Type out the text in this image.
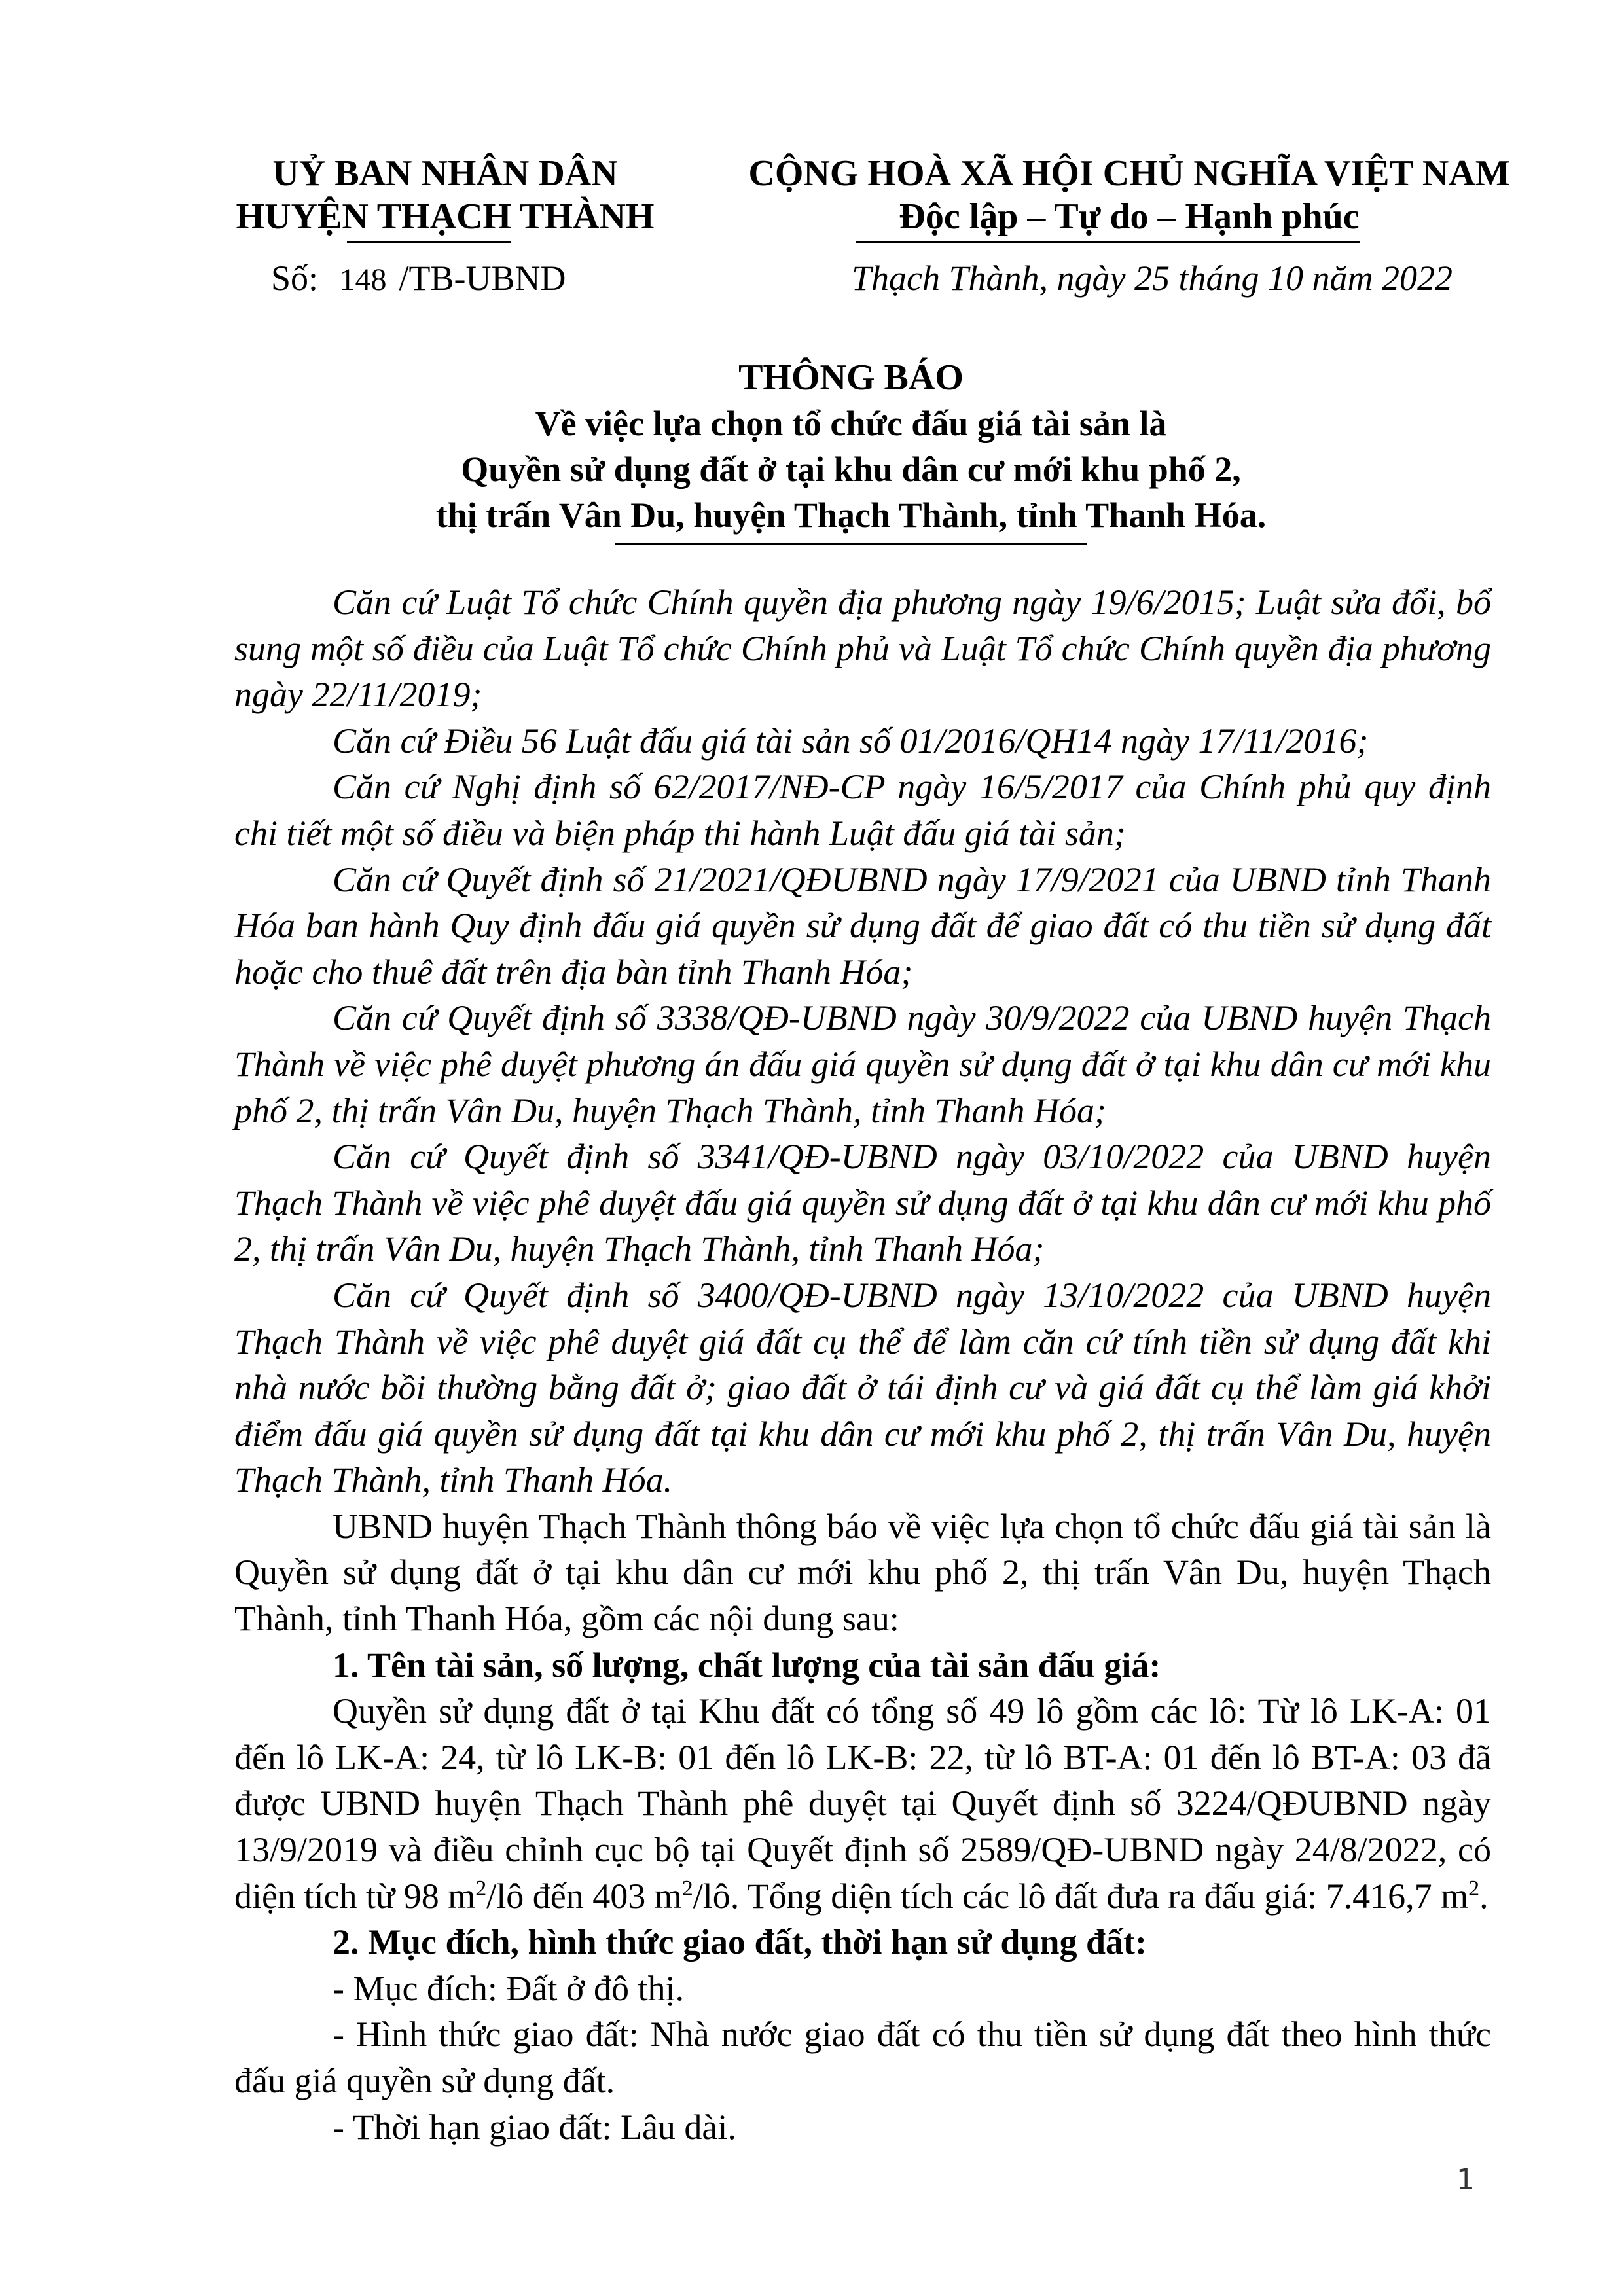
UỶ BAN NHÂN DÂN
HUYỆN THẠCH THÀNH
CỘNG HOÀ XÃ HỘI CHỦ NGHĨA VIỆT NAM
Độc lập – Tự do – Hạnh phúc
Số: 148 /TB-UBND	Thạch Thành, ngày 25 tháng 10 năm 2022
THÔNG BÁO
Về việc lựa chọn tổ chức đấu giá tài sản là
Quyền sử dụng đất ở tại khu dân cư mới khu phố 2,
thị trấn Vân Du, huyện Thạch Thành, tỉnh Thanh Hóa.

Căn cứ Luật Tổ chức Chính quyền địa phương ngày 19/6/2015; Luật sửa đổi, bổ sung một số điều của Luật Tổ chức Chính phủ và Luật Tổ chức Chính quyền địa phương ngày 22/11/2019;

Căn cứ Điều 56 Luật đấu giá tài sản số 01/2016/QH14 ngày 17/11/2016;

Căn cứ Nghị định số 62/2017/NĐ-CP ngày 16/5/2017 của Chính phủ quy định chi tiết một số điều và biện pháp thi hành Luật đấu giá tài sản;

Căn cứ Quyết định số 21/2021/QĐUBND ngày 17/9/2021 của UBND tỉnh Thanh Hóa ban hành Quy định đấu giá quyền sử dụng đất để giao đất có thu tiền sử dụng đất hoặc cho thuê đất trên địa bàn tỉnh Thanh Hóa;

Căn cứ Quyết định số 3338/QĐ-UBND ngày 30/9/2022 của UBND huyện Thạch Thành về việc phê duyệt phương án đấu giá quyền sử dụng đất ở tại khu dân cư mới khu phố 2, thị trấn Vân Du, huyện Thạch Thành, tỉnh Thanh Hóa;

Căn cứ Quyết định số 3341/QĐ-UBND ngày 03/10/2022 của UBND huyện Thạch Thành về việc phê duyệt đấu giá quyền sử dụng đất ở tại khu dân cư mới khu phố 2, thị trấn Vân Du, huyện Thạch Thành, tỉnh Thanh Hóa;

Căn cứ Quyết định số 3400/QĐ-UBND ngày 13/10/2022 của UBND huyện Thạch Thành về việc phê duyệt giá đất cụ thể để làm căn cứ tính tiền sử dụng đất khi nhà nước bồi thường bằng đất ở; giao đất ở tái định cư và giá đất cụ thể làm giá khởi điểm đấu giá quyền sử dụng đất tại khu dân cư mới khu phố 2, thị trấn Vân Du, huyện Thạch Thành, tỉnh Thanh Hóa.

UBND huyện Thạch Thành thông báo về việc lựa chọn tổ chức đấu giá tài sản là Quyền sử dụng đất ở tại khu dân cư mới khu phố 2, thị trấn Vân Du, huyện Thạch Thành, tỉnh Thanh Hóa, gồm các nội dung sau:

1. Tên tài sản, số lượng, chất lượng của tài sản đấu giá:

Quyền sử dụng đất ở tại Khu đất có tổng số 49 lô gồm các lô: Từ lô LK-A: 01 đến lô LK-A: 24, từ lô LK-B: 01 đến lô LK-B: 22, từ lô BT-A: 01 đến lô BT-A: 03 đã được UBND huyện Thạch Thành phê duyệt tại Quyết định số 3224/QĐUBND ngày 13/9/2019 và điều chỉnh cục bộ tại Quyết định số 2589/QĐ-UBND ngày 24/8/2022, có diện tích từ 98 $m^2/lô$ đến 403 $m^2/lô$. Tổng diện tích các lô đất đưa ra đấu giá: 7.416,7 $m^2$.

2. Mục đích, hình thức giao đất, thời hạn sử dụng đất:

- Mục đích: Đất ở đô thị.

- Hình thức giao đất: Nhà nước giao đất có thu tiền sử dụng đất theo hình thức đấu giá quyền sử dụng đất.

- Thời hạn giao đất: Lâu dài.

1
